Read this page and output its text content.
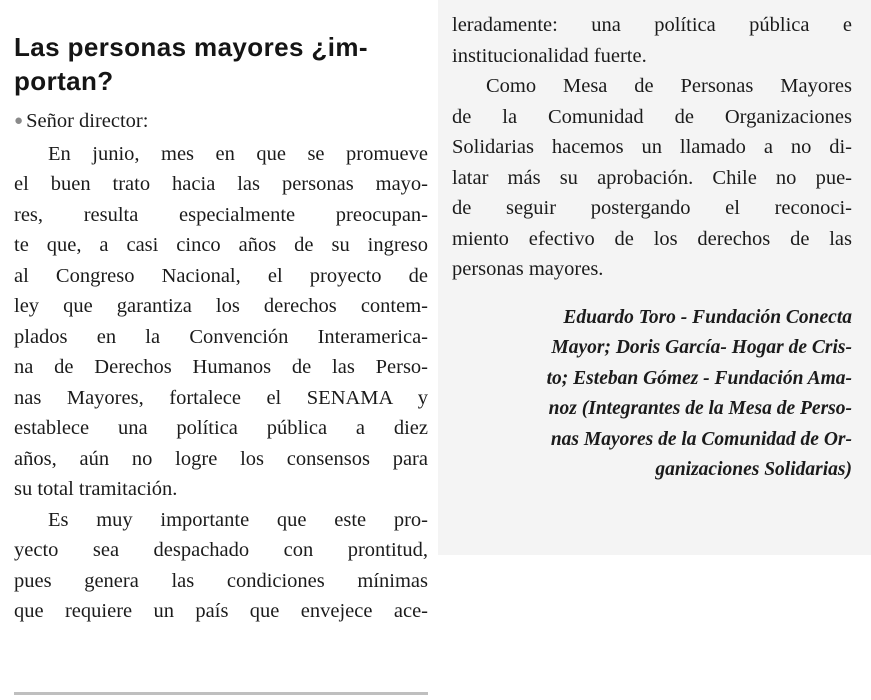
Las personas mayores ¿im-
portan?

● Señor director:

En junio, mes en que se promueve
el buen trato hacia las personas mayo-
res, resulta especialmente preocupan-
te que, a casi cinco años de su ingreso
al Congreso Nacional, el proyecto de
ley que garantiza los derechos contem-
plados en la Convención Interamerica-
na de Derechos Humanos de las Perso-
nas Mayores, fortalece el SENAMA y
establece una política pública a diez
años, aún no logre los consensos para
su total tramitación.

Es muy importante que este pro-
yecto sea despachado con prontitud,
pues genera las condiciones mínimas
que requiere un país que envejece ace-

leradamente: una política pública e
institucionalidad fuerte.

Como Mesa de Personas Mayores
de la Comunidad de Organizaciones
Solidarias hacemos un llamado a no di-
latar más su aprobación. Chile no pue-
de seguir postergando el reconoci-
miento efectivo de los derechos de las
personas mayores.

Eduardo Toro - Fundación Conecta
Mayor; Doris García- Hogar de Cris-
to; Esteban Gómez - Fundación Ama-
noz (Integrantes de la Mesa de Perso-
nas Mayores de la Comunidad de Or-
ganizaciones Solidarias)
